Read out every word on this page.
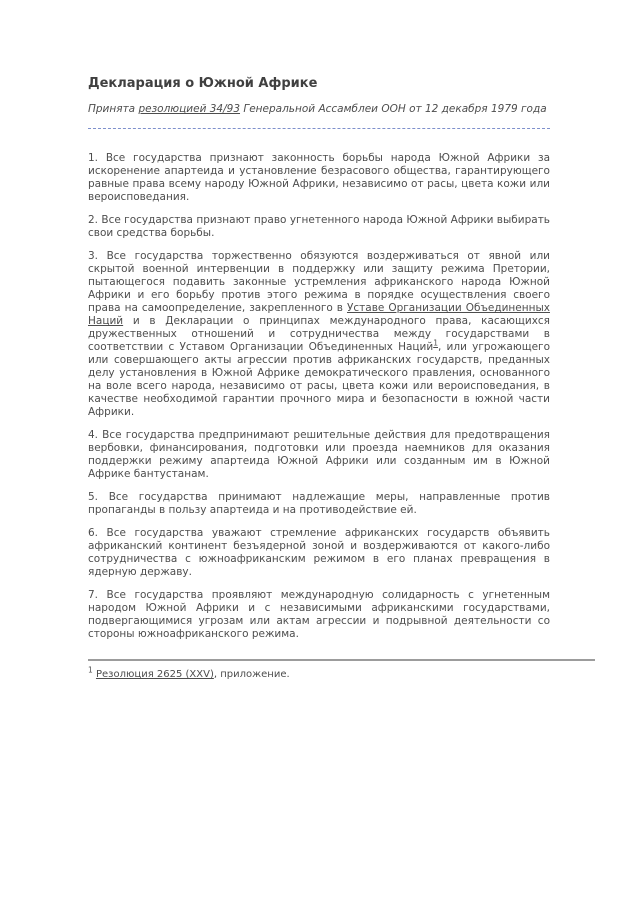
Декларация о Южной Африке

Принята резолюцией 34/93 Генеральной Ассамблеи ООН от 12 декабря 1979 года

1. Все государства признают законность борьбы народа Южной Африки за искоренение апартеида и установление безрасового общества, гарантирующего равные права всему народу Южной Африки, независимо от расы, цвета кожи или вероисповедания.

2. Все государства признают право угнетенного народа Южной Африки выбирать свои средства борьбы.

3. Все государства торжественно обязуются воздерживаться от явной или скрытой военной интервенции в поддержку или защиту режима Претории, пытающегося подавить законные устремления африканского народа Южной Африки и его борьбу против этого режима в порядке осуществления своего права на самоопределение, закрепленного в Уставе Организации Объединенных Наций и в Декларации о принципах международного права, касающихся дружественных отношений и сотрудничества между государствами в соответствии с Уставом Организации Объединенных Наций$^1$, или угрожающего или совершающего акты агрессии против африканских государств, преданных делу установления в Южной Африке демократического правления, основанного на воле всего народа, независимо от расы, цвета кожи или вероисповедания, в качестве необходимой гарантии прочного мира и безопасности в южной части Африки.

4. Все государства предпринимают решительные действия для предотвращения вербовки, финансирования, подготовки или проезда наемников для оказания поддержки режиму апартеида Южной Африки или созданным им в Южной Африке бантустанам.

5. Все государства принимают надлежащие меры, направленные против пропаганды в пользу апартеида и на противодействие ей.

6. Все государства уважают стремление африканских государств объявить африканский континент безъядерной зоной и воздерживаются от какого-либо сотрудничества с южноафриканским режимом в его планах превращения в ядерную державу.

7. Все государства проявляют международную солидарность с угнетенным народом Южной Африки и с независимыми африканскими государствами, подвергающимися угрозам или актам агрессии и подрывной деятельности со стороны южноафриканского режима.

$^1$ Резолюция 2625 (XXV), приложение.
